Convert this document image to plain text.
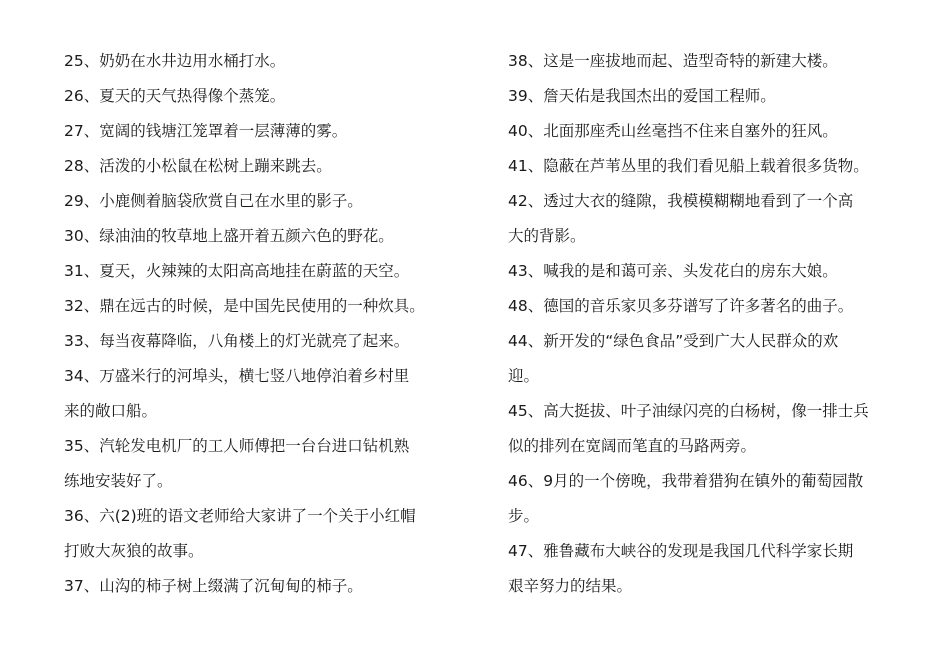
25、奶奶在水井边用水桶打水。
26、夏天的天气热得像个蒸笼。
27、宽阔的钱塘江笼罩着一层薄薄的雾。
28、活泼的小松鼠在松树上蹦来跳去。
29、小鹿侧着脑袋欣赏自己在水里的影子。
30、绿油油的牧草地上盛开着五颜六色的野花。
31、夏天，火辣辣的太阳高高地挂在蔚蓝的天空。
32、鼎在远古的时候，是中国先民使用的一种炊具。
33、每当夜幕降临，八角楼上的灯光就亮了起来。
34、万盛米行的河埠头，横七竖八地停泊着乡村里
来的敞口船。
35、汽轮发电机厂的工人师傅把一台台进口钻机熟
练地安装好了。
36、六(2)班的语文老师给大家讲了一个关于小红帽
打败大灰狼的故事。
37、山沟的柿子树上缀满了沉甸甸的柿子。
38、这是一座拔地而起、造型奇特的新建大楼。
39、詹天佑是我国杰出的爱国工程师。
40、北面那座秃山丝毫挡不住来自塞外的狂风。
41、隐蔽在芦苇丛里的我们看见船上载着很多货物。
42、透过大衣的缝隙，我模模糊糊地看到了一个高
大的背影。
43、喊我的是和蔼可亲、头发花白的房东大娘。
48、德国的音乐家贝多芬谱写了许多著名的曲子。
44、新开发的“绿色食品”受到广大人民群众的欢
迎。
45、高大挺拔、叶子油绿闪亮的白杨树，像一排士兵
似的排列在宽阔而笔直的马路两旁。
46、9月的一个傍晚，我带着猎狗在镇外的葡萄园散
步。
47、雅鲁藏布大峡谷的发现是我国几代科学家长期
艰辛努力的结果。
